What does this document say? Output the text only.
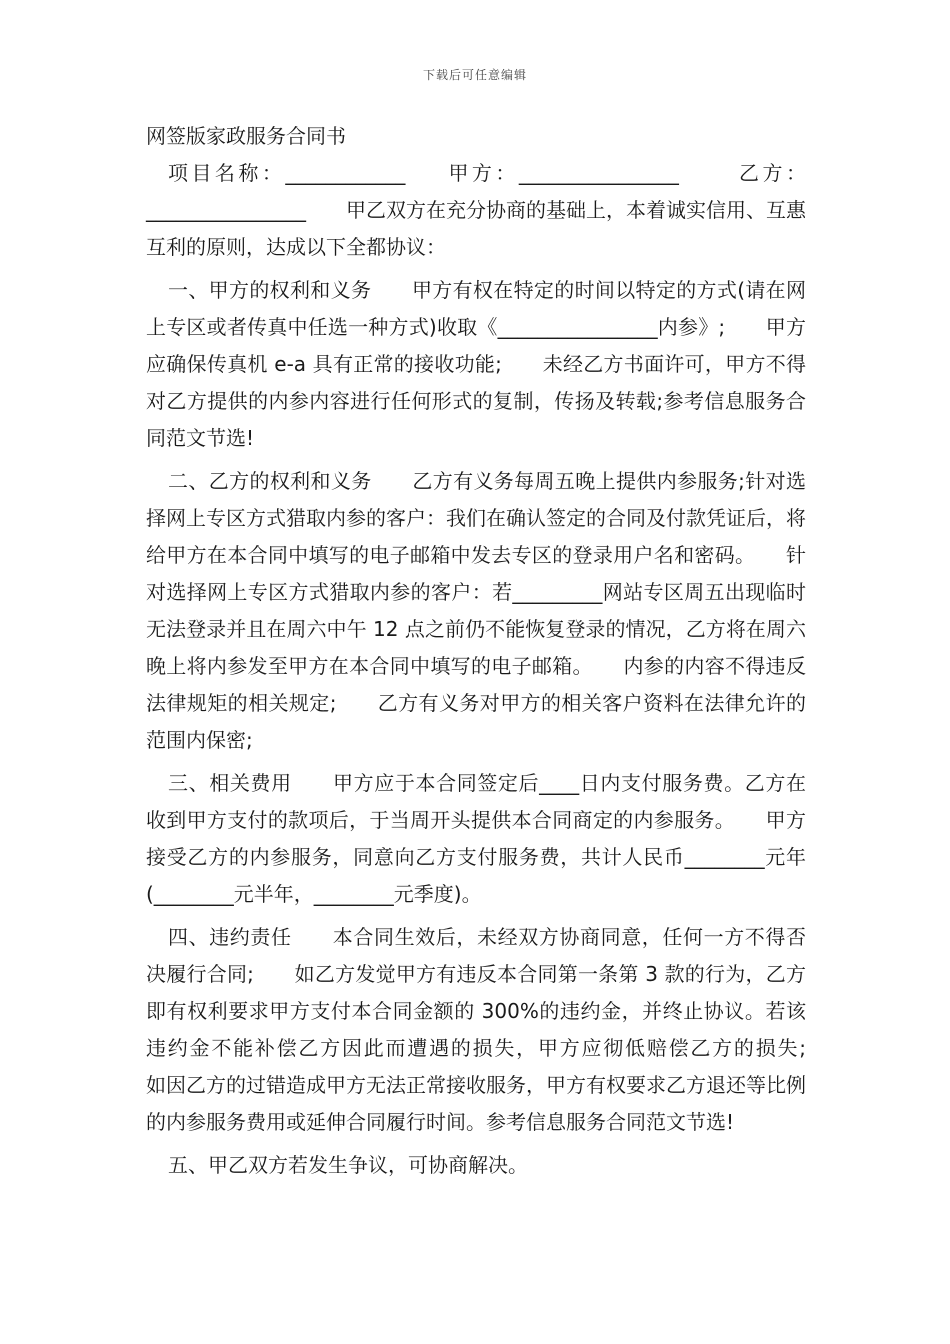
下载后可任意编辑
网签版家政服务合同书

项目名称：____________ 　 甲方：________________　　 乙方：________________　　甲乙双方在充分协商的基础上，本着诚实信用、互惠互利的原则，达成以下全都协议：

一、甲方的权利和义务　　甲方有权在特定的时间以特定的方式(请在网上专区或者传真中任选一种方式)收取《________________内参》;　　甲方应确保传真机 e-a 具有正常的接收功能;　　未经乙方书面许可，甲方不得对乙方提供的内参内容进行任何形式的复制，传扬及转载;参考信息服务合同范文节选!

二、乙方的权利和义务　　乙方有义务每周五晚上提供内参服务;针对选择网上专区方式猎取内参的客户：我们在确认签定的合同及付款凭证后，将给甲方在本合同中填写的电子邮箱中发去专区的登录用户名和密码。　　针对选择网上专区方式猎取内参的客户：若_________网站专区周五出现临时无法登录并且在周六中午 12 点之前仍不能恢复登录的情况，乙方将在周六晚上将内参发至甲方在本合同中填写的电子邮箱。　　内参的内容不得违反法律规矩的相关规定;　　乙方有义务对甲方的相关客户资料在法律允许的范围内保密;

三、相关费用　　甲方应于本合同签定后____日内支付服务费。乙方在收到甲方支付的款项后，于当周开头提供本合同商定的内参服务。　　甲方接受乙方的内参服务，同意向乙方支付服务费，共计人民币________元年(________元半年，________元季度)。

四、违约责任　　本合同生效后，未经双方协商同意，任何一方不得否决履行合同;　　如乙方发觉甲方有违反本合同第一条第 3 款的行为，乙方即有权利要求甲方支付本合同金额的 300%的违约金，并终止协议。若该违约金不能补偿乙方因此而遭遇的损失，甲方应彻低赔偿乙方的损失;　　如因乙方的过错造成甲方无法正常接收服务，甲方有权要求乙方退还等比例的内参服务费用或延伸合同履行时间。参考信息服务合同范文节选!

五、甲乙双方若发生争议，可协商解决。
